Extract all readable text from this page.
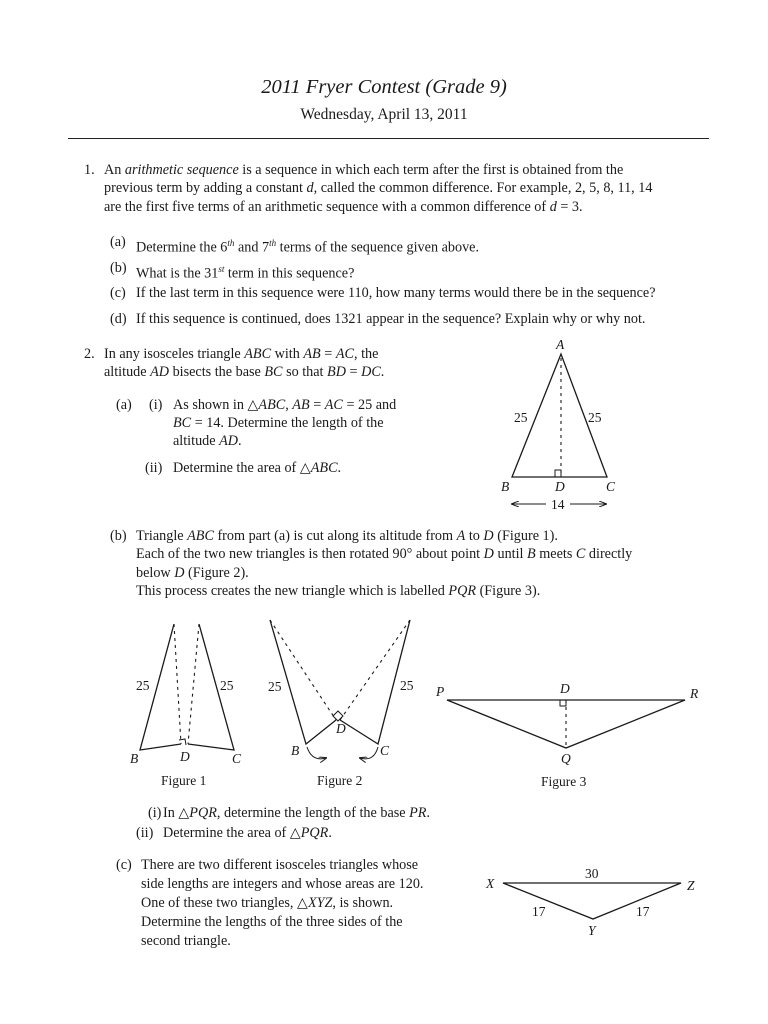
2011 Fryer Contest (Grade 9)
Wednesday, April 13, 2011
1. An arithmetic sequence is a sequence in which each term after the first is obtained from the
previous term by adding a constant d, called the common difference. For example, 2, 5, 8, 11, 14
are the first five terms of an arithmetic sequence with a common difference of d = 3.
(a) Determine the 6th and 7th terms of the sequence given above.
(b) What is the 31st term in this sequence?
(c) If the last term in this sequence were 110, how many terms would there be in the sequence?
(d) If this sequence is continued, does 1321 appear in the sequence? Explain why or why not.
2. In any isosceles triangle ABC with AB = AC, the
altitude AD bisects the base BC so that BD = DC.
(a) (i) As shown in △ABC, AB = AC = 25 and
BC = 14. Determine the length of the
altitude AD.
(ii) Determine the area of △ABC.
(b) Triangle ABC from part (a) is cut along its altitude from A to D (Figure 1).
Each of the two new triangles is then rotated 90° about point D until B meets C directly
below D (Figure 2).
This process creates the new triangle which is labelled PQR (Figure 3).
(i) In △PQR, determine the length of the base PR.
(ii) Determine the area of △PQR.
(c) There are two different isosceles triangles whose
side lengths are integers and whose areas are 120.
One of these two triangles, △XYZ, is shown.
Determine the lengths of the three sides of the
second triangle.
A
B	C
D
25	25
14
25	25
B	D	C
Figure 1
25	25
D
B	C
Figure 2
P	D	R
Q
Figure 3
X	Z
Y
30
17	17
